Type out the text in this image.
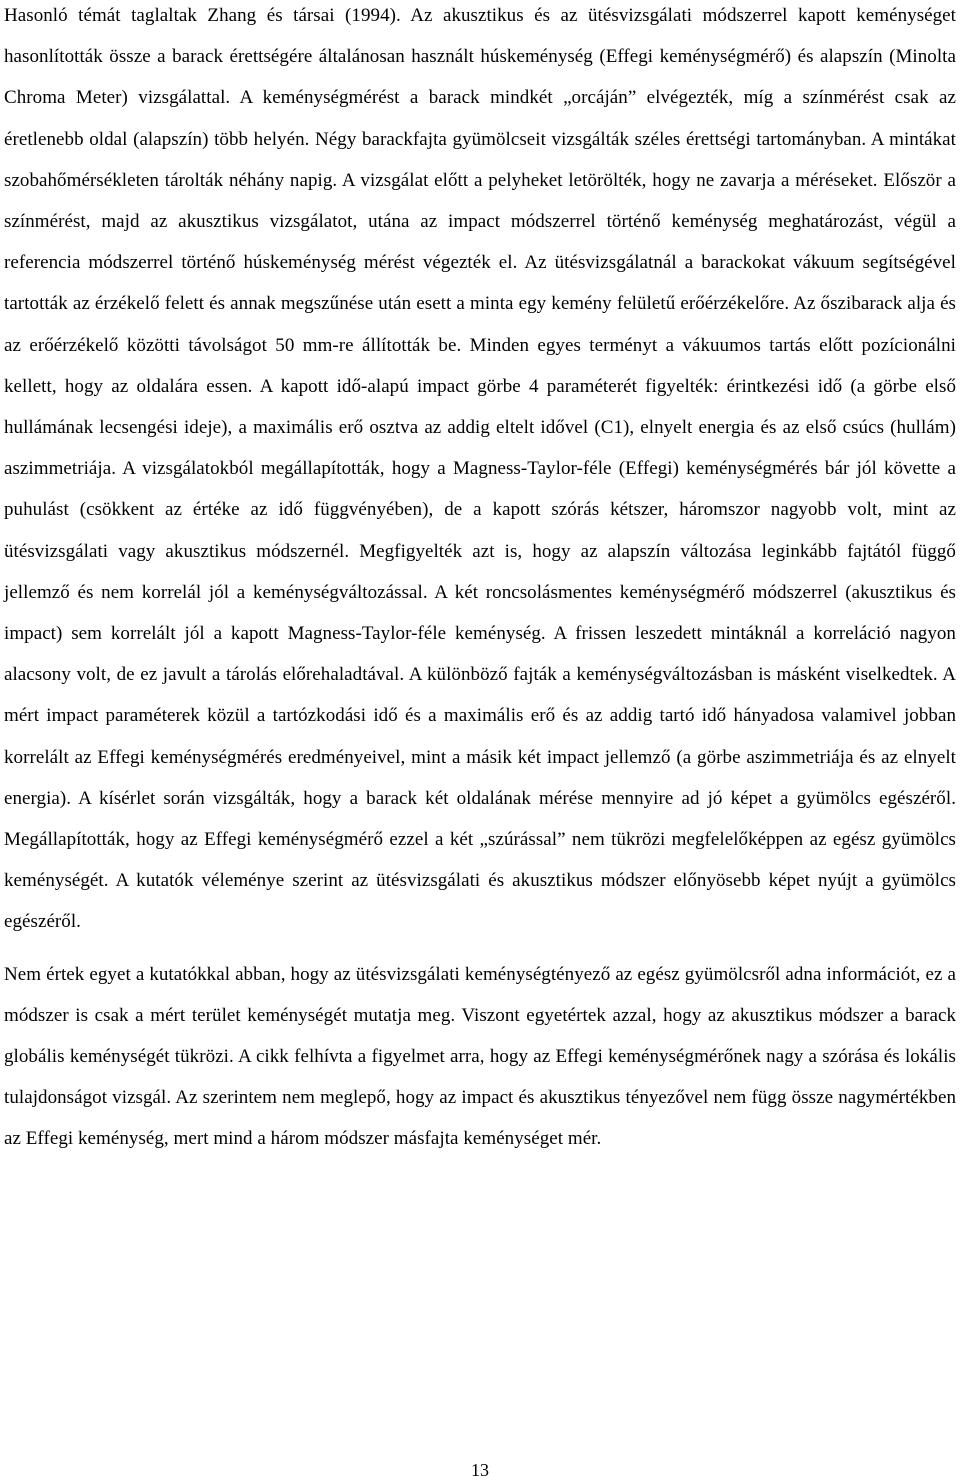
Hasonló témát taglaltak Zhang és társai (1994). Az akusztikus és az ütésvizsgálati módszerrel kapott keménységet hasonlították össze a barack érettségére általánosan használt húskeménység (Effegi keménységmérő) és alapszín (Minolta Chroma Meter) vizsgálattal. A keménységmérést a barack mindkét „orcáján” elvégezték, míg a színmérést csak az éretlenebb oldal (alapszín) több helyén. Négy barackfajta gyümölcseit vizsgálták széles érettségi tartományban. A mintákat szobahőmérsékleten tárolták néhány napig. A vizsgálat előtt a pelyheket letörölték, hogy ne zavarja a méréseket. Először a színmérést, majd az akusztikus vizsgálatot, utána az impact módszerrel történő keménység meghatározást, végül a referencia módszerrel történő húskeménység mérést végezték el. Az ütésvizsgálatnál a barackokat vákuum segítségével tartották az érzékelő felett és annak megszűnése után esett a minta egy kemény felületű erőérzékelőre. Az őszibarack alja és az erőérzékelő közötti távolságot 50 mm-re állították be. Minden egyes terményt a vákuumos tartás előtt pozícionálni kellett, hogy az oldalára essen. A kapott idő-alapú impact görbe 4 paraméterét figyelték: érintkezési idő (a görbe első hullámának lecsengési ideje), a maximális erő osztva az addig eltelt idővel (C1), elnyelt energia és az első csúcs (hullám) aszimmetriája. A vizsgálatokból megállapították, hogy a Magness-Taylor-féle (Effegi) keménységmérés bár jól követte a puhulást (csökkent az értéke az idő függvényében), de a kapott szórás kétszer, háromszor nagyobb volt, mint az ütésvizsgálati vagy akusztikus módszernél. Megfigyelték azt is, hogy az alapszín változása leginkább fajtától függő jellemző és nem korrelál jól a keménységváltozással. A két roncsolásmentes keménységmérő módszerrel (akusztikus és impact) sem korrelált jól a kapott Magness-Taylor-féle keménység. A frissen leszedett mintáknál a korreláció nagyon alacsony volt, de ez javult a tárolás előrehaladtával. A különböző fajták a keménységváltozásban is másként viselkedtek. A mért impact paraméterek közül a tartózkodási idő és a maximális erő és az addig tartó idő hányadosa valamivel jobban korrelált az Effegi keménységmérés eredményeivel, mint a másik két impact jellemző (a görbe aszimmetriája és az elnyelt energia). A kísérlet során vizsgálták, hogy a barack két oldalának mérése mennyire ad jó képet a gyümölcs egészéről. Megállapították, hogy az Effegi keménységmérő ezzel a két „szúrással” nem tükrözi megfelelőképpen az egész gyümölcs keménységét. A kutatók véleménye szerint az ütésvizsgálati és akusztikus módszer előnyösebb képet nyújt a gyümölcs egészéről.

Nem értek egyet a kutatókkal abban, hogy az ütésvizsgálati keménységtényező az egész gyümölcsről adna információt, ez a módszer is csak a mért terület keménységét mutatja meg. Viszont egyetértek azzal, hogy az akusztikus módszer a barack globális keménységét tükrözi. A cikk felhívta a figyelmet arra, hogy az Effegi keménységmérőnek nagy a szórása és lokális tulajdonságot vizsgál. Az szerintem nem meglepő, hogy az impact és akusztikus tényezővel nem függ össze nagymértékben az Effegi keménység, mert mind a három módszer másfajta keménységet mér.

13
